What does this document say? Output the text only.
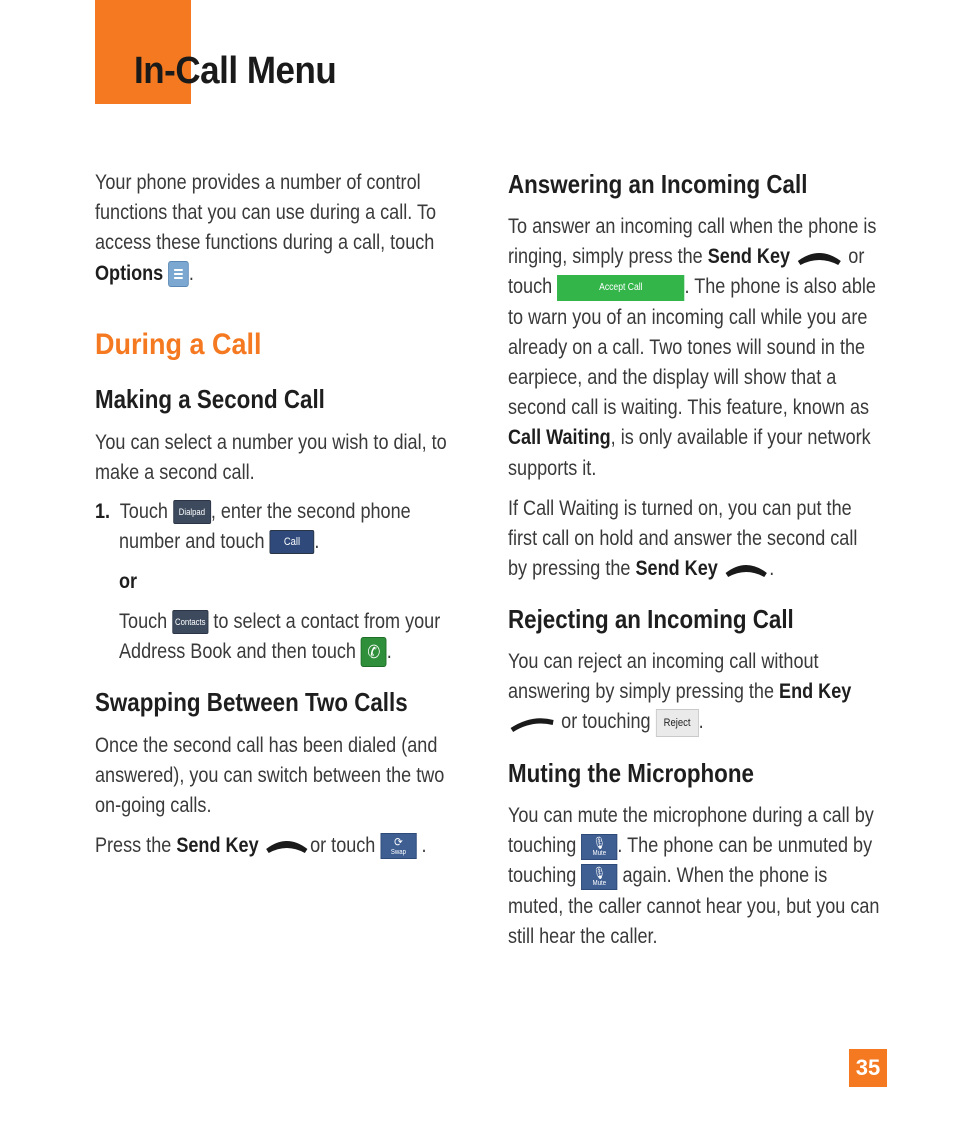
In-Call Menu

Your phone provides a number of control functions that you can use during a call. To access these functions during a call, touch Options .

During a Call
Making a Second Call

You can select a number you wish to dial, to make a second call.

1. Touch Dialpad , enter the second phone
number and touch Call .
or
Touch Contacts to select a contact from your
Address Book and then touch ✆ .
Swapping Between Two Calls

Once the second call has been dialed (and answered), you can switch between the two on-going calls.

Press the Send Key or touch	⟳
Swap .
Answering an Incoming Call

To answer an incoming call when the phone is ringing, simply press the Send Key	or touch	Accept Call . The phone is also able to warn you of an incoming call while you are already on a call. Two tones will sound in the earpiece, and the display will show that a second call is waiting. This feature, known as Call Waiting, is only available if your network supports it.

If Call Waiting is turned on, you can put the first call on hold and answer the second call by pressing the Send Key .

Rejecting an Incoming Call

You can reject an incoming call without answering by simply pressing the End Key
or touching Reject .

Muting the Microphone

You can mute the microphone during a call by touching	🎙
Mute . The phone can be unmuted by touching	🎙
Mute again. When the phone is muted, the caller cannot hear you, but you can still hear the caller.

35
